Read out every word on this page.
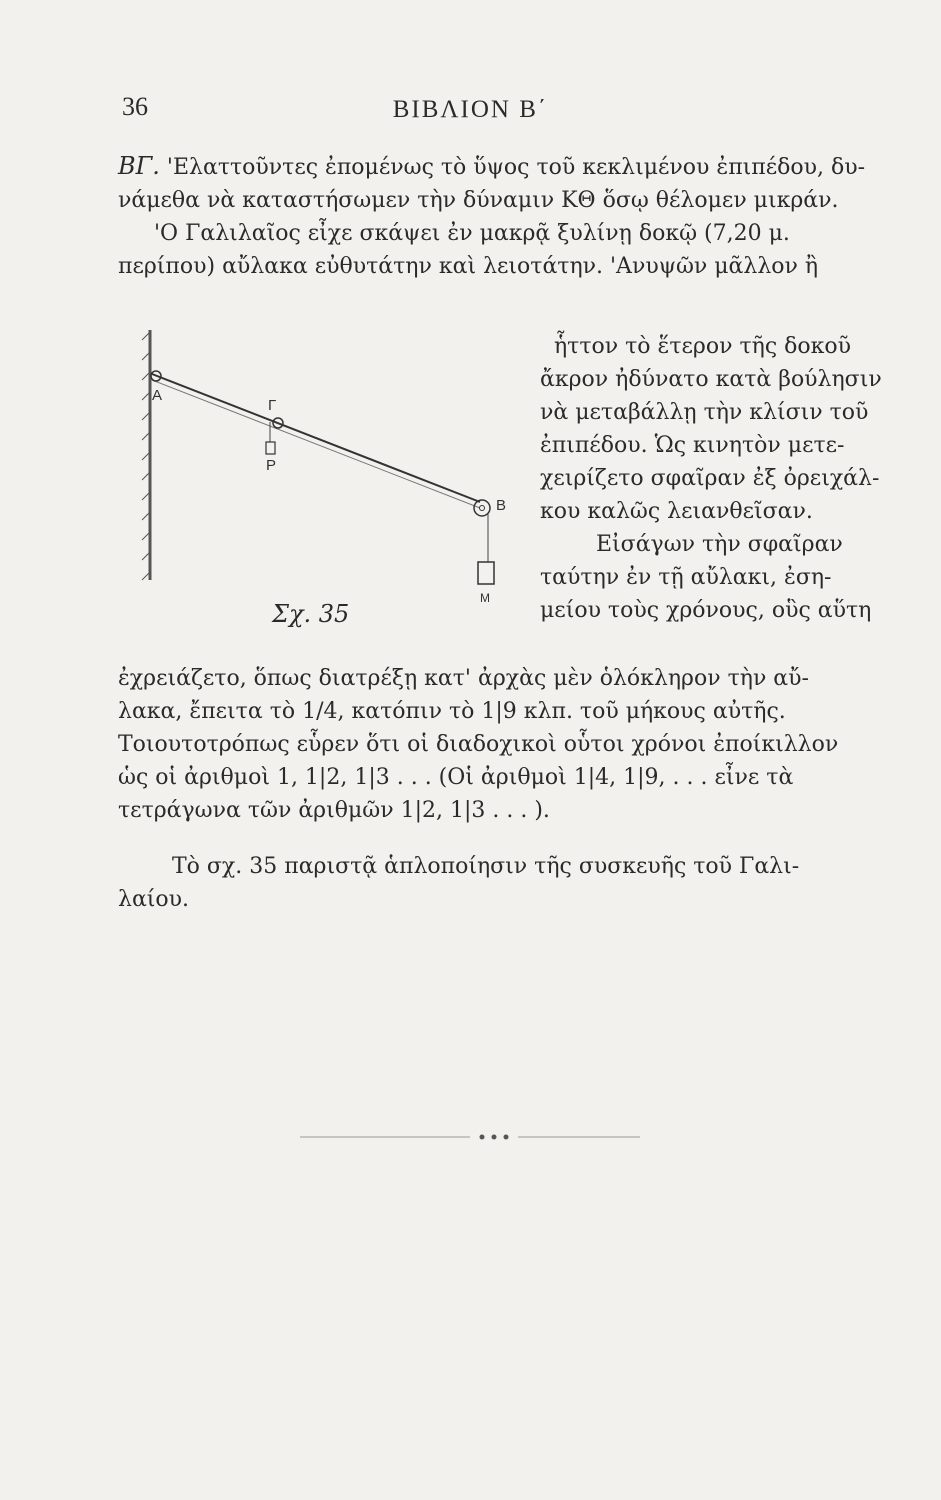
36	ΒΙΒΛΙΟΝ Β΄
ΒΓ. 'Ελαττοῦντες ἐπομένως τὸ ὕψος τοῦ κεκλιμένου ἐπιπέδου, δυ-
νάμεθα νὰ καταστήσωμεν τὴν δύναμιν ΚΘ ὅσῳ θέλομεν μικράν.
'Ο Γαλιλαῖος εἶχε σκάψει ἐν μακρᾷ ξυλίνῃ δοκῷ (7,20 μ.
περίπου) αὔλακα εὐθυτάτην καὶ λειοτάτην. 'Ανυψῶν μᾶλλον ἢ
A
Γ
P
B
M
Σχ. 35
ἧττον τὸ ἕτερον τῆς δοκοῦ
ἄκρον ἠδύνατο κατὰ βούλησιν
νὰ μεταβάλλῃ τὴν κλίσιν τοῦ
ἐπιπέδου. Ὡς κινητὸν μετε-
χειρίζετο σφαῖραν ἐξ ὀρειχάλ-
κου καλῶς λειανθεῖσαν.
Εἰσάγων τὴν σφαῖραν
ταύτην ἐν τῇ αὔλακι, ἐση-
μείου τοὺς χρόνους, οὓς αὕτη
ἐχρειάζετο, ὅπως διατρέξῃ κατ' ἀρχὰς μὲν ὁλόκληρον τὴν αὔ-
λακα, ἔπειτα τὸ 1/4, κατόπιν τὸ 1|9 κλπ. τοῦ μήκους αὐτῆς.
Τοιουτοτρόπως εὗρεν ὅτι οἱ διαδοχικοὶ οὗτοι χρόνοι ἐποίκιλλον
ὡς οἱ ἀριθμοὶ 1, 1|2, 1|3 . . . (Οἱ ἀριθμοὶ 1|4, 1|9, . . . εἶνε τὰ
τετράγωνα τῶν ἀριθμῶν 1|2, 1|3 . . . ).
Τὸ σχ. 35 παριστᾷ ἁπλοποίησιν τῆς συσκευῆς τοῦ Γαλι-
λαίου.
